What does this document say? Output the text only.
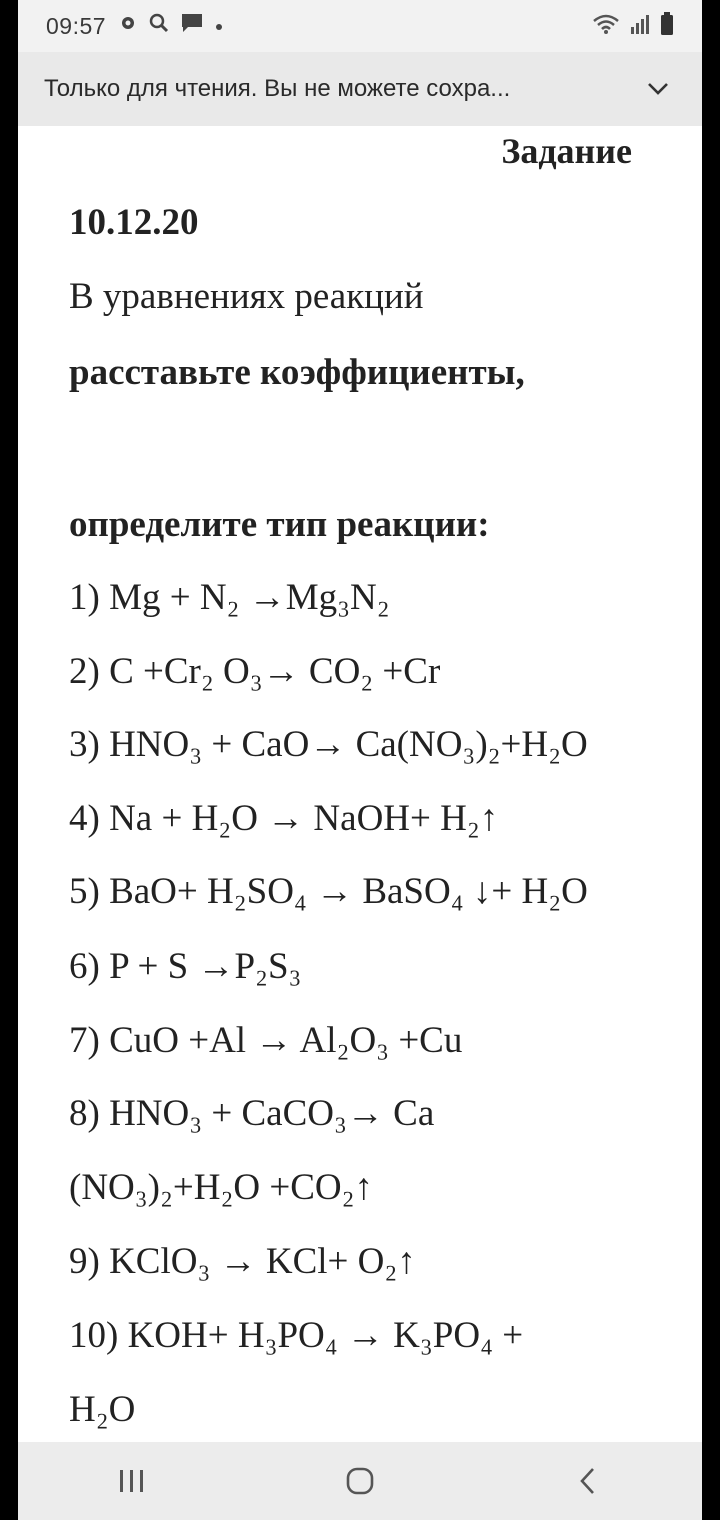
09:57
Только для чтения. Вы не можете сохра...
Задание
10.12.20
В уравнениях реакций
расставьте коэффициенты,
определите тип реакции:
1) Mg + N₂ →Mg₃N₂
2) C +Cr₂ O₃→ CO₂ +Cr
3) HNO₃ + CaO→ Ca(NO₃)₂+H₂O
4) Na + H₂O → NaOH+ H₂↑
5) BaO+ H₂SO₄ → BaSO₄ ↓+ H₂O
6) P + S →P₂S₃
7) CuO +Al → Al₂O₃ +Cu
8) HNO₃ + CaCO₃→ Ca
(NO₃)₂+H₂O +CO₂↑
9) KClO₃ → KCl+ O₂↑
10) KOH+ H₃PO₄ → K₃PO₄ +
H₂O
